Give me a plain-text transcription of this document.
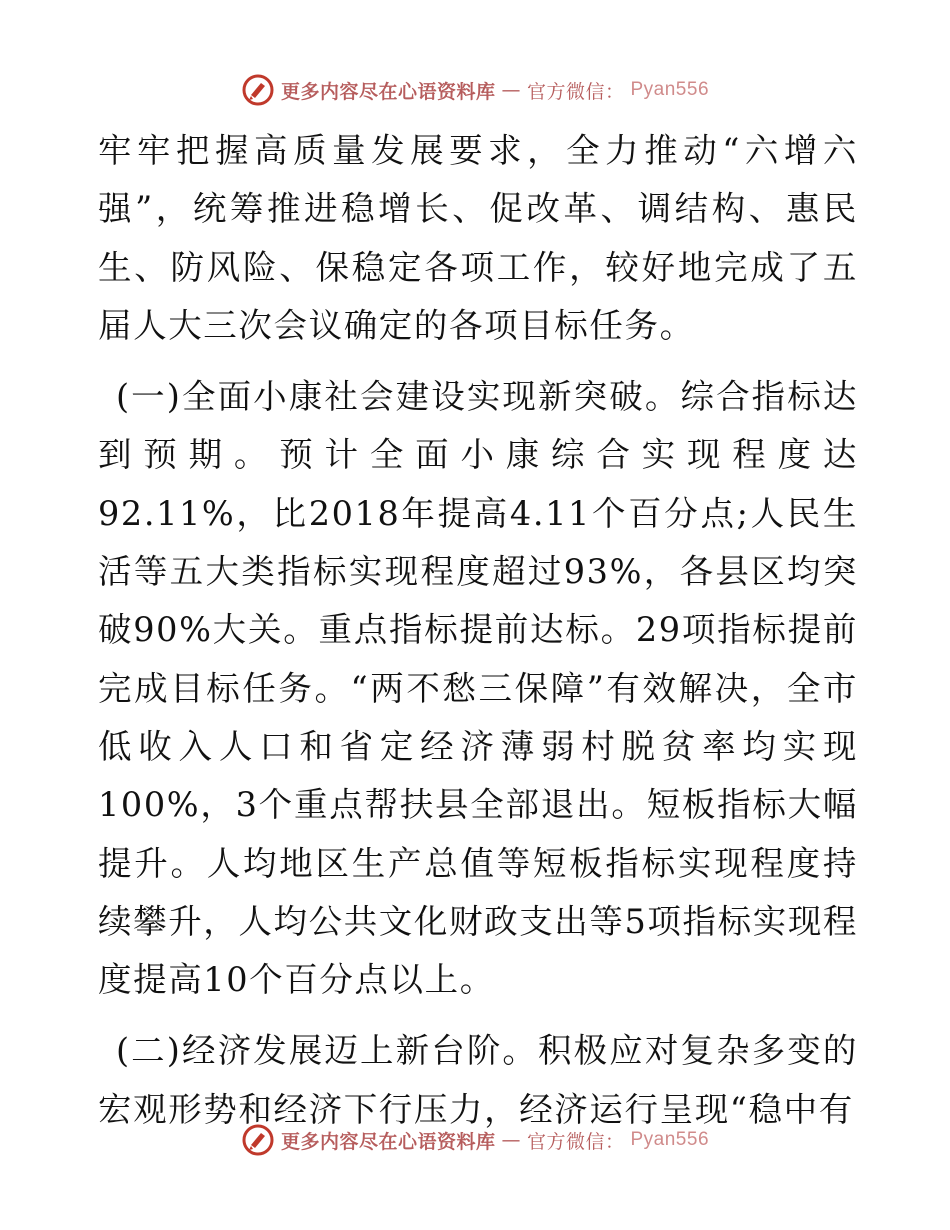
更多内容尽在心语资料库 — 官方微信： Pyan556

牢牢把握高质量发展要求，全力推动“六增六强”，统筹推进稳增长、促改革、调结构、惠民生、防风险、保稳定各项工作，较好地完成了五届人大三次会议确定的各项目标任务。

(一)全面小康社会建设实现新突破。综合指标达到预期。预计全面小康综合实现程度达92.11%，比2018年提高4.11个百分点;人民生活等五大类指标实现程度超过93%，各县区均突破90%大关。重点指标提前达标。29项指标提前完成目标任务。“两不愁三保障”有效解决，全市低收入人口和省定经济薄弱村脱贫率均实现100%，3个重点帮扶县全部退出。短板指标大幅提升。人均地区生产总值等短板指标实现程度持续攀升，人均公共文化财政支出等5项指标实现程度提高10个百分点以上。

(二)经济发展迈上新台阶。积极应对复杂多变的宏观形势和经济下行压力，经济运行呈现“稳中有

更多内容尽在心语资料库 — 官方微信： Pyan556
